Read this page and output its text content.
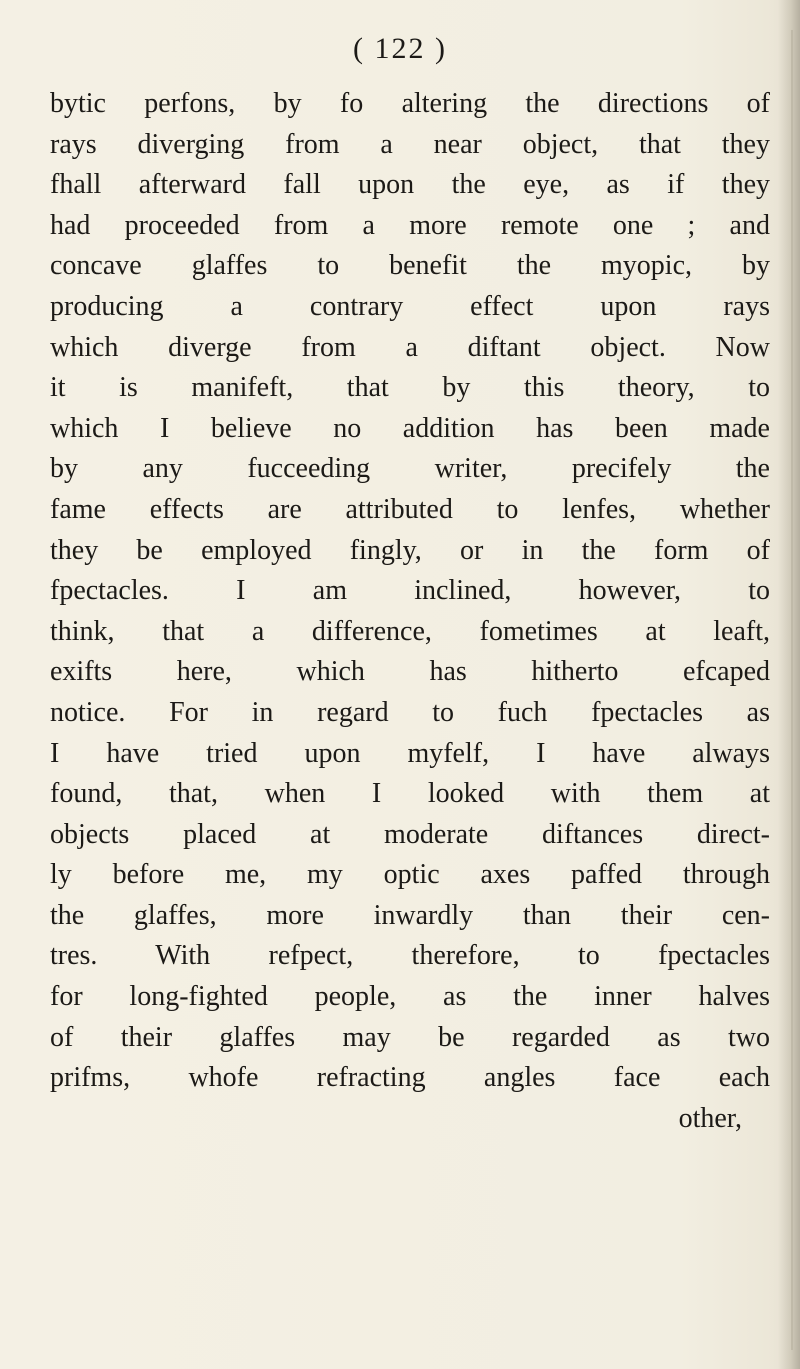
( 122 )
bytic perfons, by fo altering the directions of
rays diverging from a near object, that they
fhall afterward fall upon the eye, as if they
had proceeded from a more remote one ; and
concave glaffes to benefit the myopic, by
producing a contrary effect upon rays
which diverge from a diftant object. Now
it is manifeft, that by this theory, to
which I believe no addition has been made
by any fucceeding writer, precifely the
fame effects are attributed to lenfes, whether
they be employed fingly, or in the form of
fpectacles. I am inclined, however, to
think, that a difference, fometimes at leaft,
exifts here, which has hitherto efcaped
notice. For in regard to fuch fpectacles as
I have tried upon myfelf, I have always
found, that, when I looked with them at
objects placed at moderate diftances direct-
ly before me, my optic axes paffed through
the glaffes, more inwardly than their cen-
tres. With refpect, therefore, to fpectacles
for long-fighted people, as the inner halves
of their glaffes may be regarded as two
prifms, whofe refracting angles face each
other,
